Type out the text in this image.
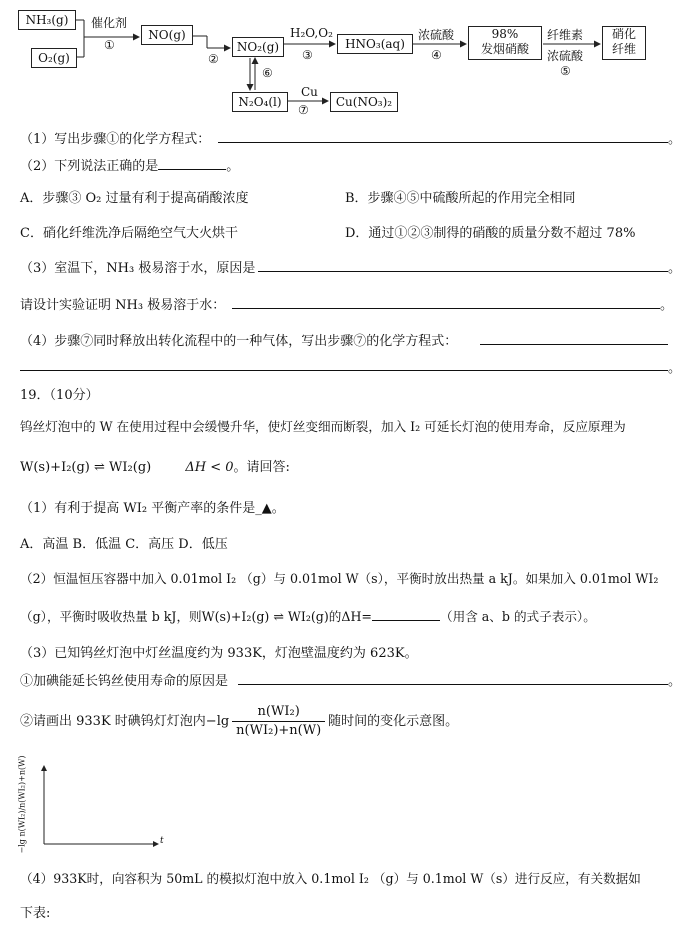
NH₃(g)
O₂(g)
催化剂
①
NO(g)
②
NO₂(g)
H₂O,O₂
③
HNO₃(aq)
浓硫酸
④
98%
发烟硝酸
纤维素
浓硫酸
⑤
硝化
纤维
⑥
N₂O₄(l)
Cu
⑦
Cu(NO₃)₂
（1）写出步骤①的化学方程式：	。
（2）下列说法正确的是	。
A．步骤③ O₂ 过量有利于提高硝酸浓度	B．步骤④⑤中硫酸所起的作用完全相同
C．硝化纤维洗净后隔绝空气大火烘干	D．通过①②③制得的硝酸的质量分数不超过 78%
（3）室温下，NH₃ 极易溶于水，原因是	。
请设计实验证明 NH₃ 极易溶于水：	。
（4）步骤⑦同时释放出转化流程中的一种气体，写出步骤⑦的化学方程式：
。
19．（10分）
钨丝灯泡中的 W 在使用过程中会缓慢升华，使灯丝变细而断裂，加入 I₂ 可延长灯泡的使用寿命，反应原理为
W(s)+I₂(g) ⇌ WI₂(g)	ΔH < 0。请回答:
（1）有利于提高 WI₂ 平衡产率的条件是_▲。
A．高温 B．低温 C．高压 D．低压
（2）恒温恒压容器中加入 0.01mol I₂ （g）与 0.01mol W（s），平衡时放出热量 a kJ。如果加入 0.01mol WI₂
（g），平衡时吸收热量 b kJ，则W(s)+I₂(g) ⇌ WI₂(g)的ΔH=	（用含 a、b 的式子表示）。
（3）已知钨丝灯泡中灯丝温度约为 933K，灯泡壁温度约为 623K。
①加碘能延长钨丝使用寿命的原因是	。
②请画出 933K 时碘钨灯灯泡内$-\lg \frac{\text{n(WI₂)}}{\text{n(WI₂)+n(W)}}$ 随时间的变化示意图。
−lg n(WI₂)/n(WI₂)+n(W)	t
（4）933K时，向容积为 50mL 的模拟灯泡中放入 0.1mol I₂ （g）与 0.1mol W（s）进行反应，有关数据如
下表:
